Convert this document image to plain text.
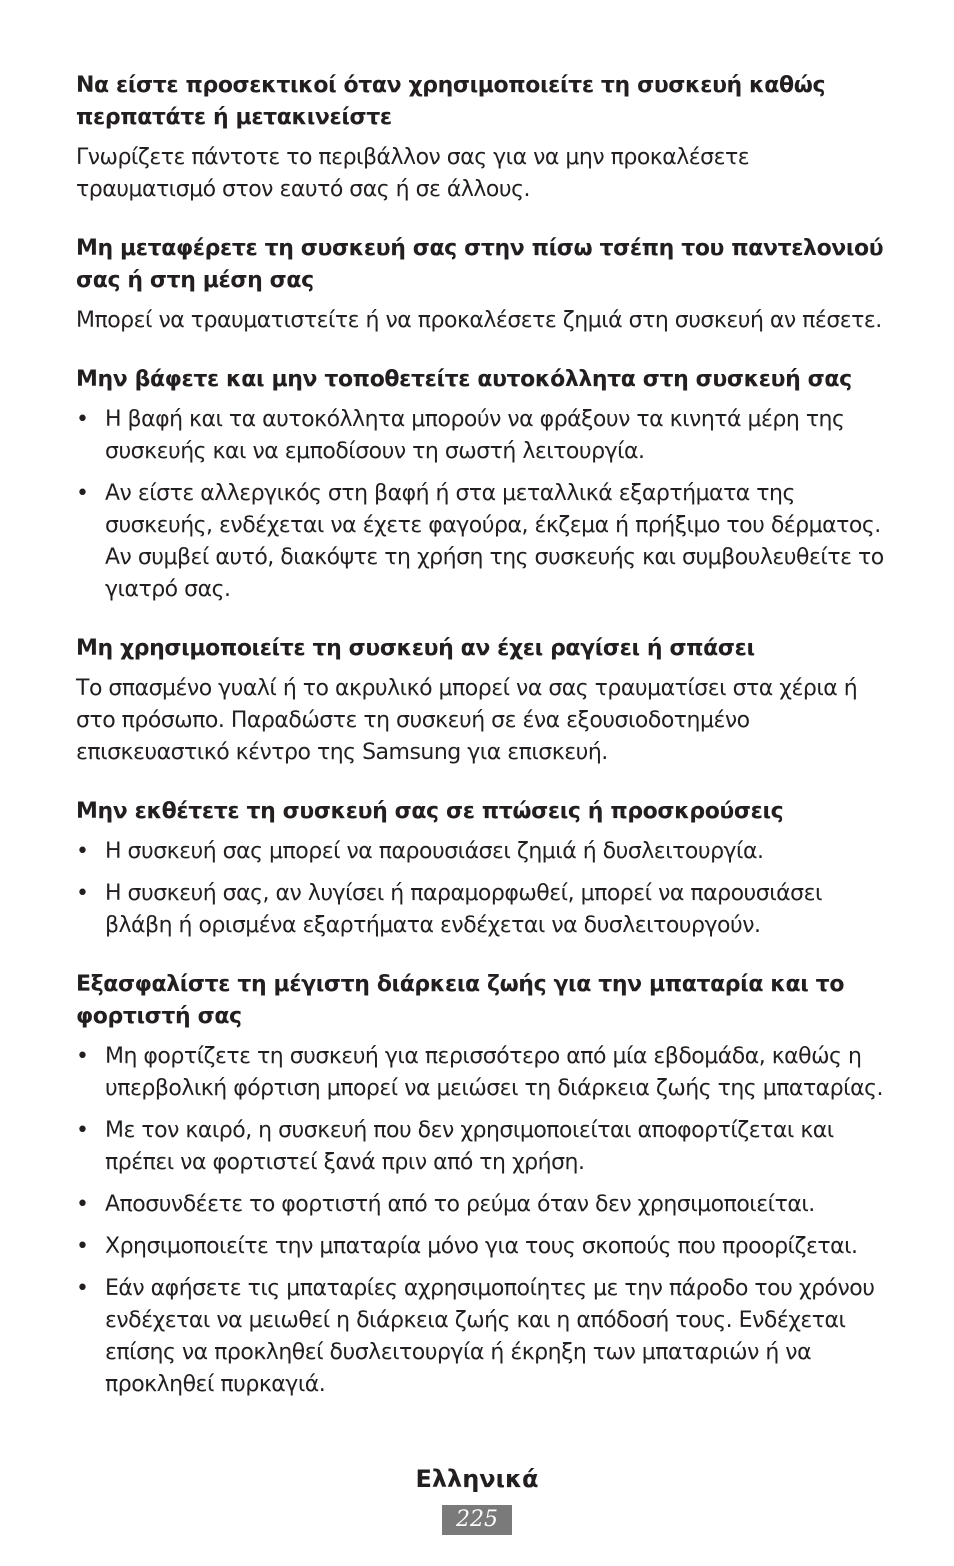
Να είστε προσεκτικοί όταν χρησιμοποιείτε τη συσκευή καθώς περπατάτε ή μετακινείστε

Γνωρίζετε πάντοτε το περιβάλλον σας για να μην προκαλέσετε τραυματισμό στον εαυτό σας ή σε άλλους.

Μη μεταφέρετε τη συσκευή σας στην πίσω τσέπη του παντελονιού σας ή στη μέση σας

Μπορεί να τραυματιστείτε ή να προκαλέσετε ζημιά στη συσκευή αν πέσετε.

Μην βάφετε και μην τοποθετείτε αυτοκόλλητα στη συσκευή σας

• Η βαφή και τα αυτοκόλλητα μπορούν να φράξουν τα κινητά μέρη της συσκευής και να εμποδίσουν τη σωστή λειτουργία.
• Αν είστε αλλεργικός στη βαφή ή στα μεταλλικά εξαρτήματα της συσκευής, ενδέχεται να έχετε φαγούρα, έκζεμα ή πρήξιμο του δέρματος. Αν συμβεί αυτό, διακόψτε τη χρήση της συσκευής και συμβουλευθείτε το γιατρό σας.

Μη χρησιμοποιείτε τη συσκευή αν έχει ραγίσει ή σπάσει

Το σπασμένο γυαλί ή το ακρυλικό μπορεί να σας τραυματίσει στα χέρια ή στο πρόσωπο. Παραδώστε τη συσκευή σε ένα εξουσιοδοτημένο επισκευαστικό κέντρο της Samsung για επισκευή.

Μην εκθέτετε τη συσκευή σας σε πτώσεις ή προσκρούσεις

• Η συσκευή σας μπορεί να παρουσιάσει ζημιά ή δυσλειτουργία.
• Η συσκευή σας, αν λυγίσει ή παραμορφωθεί, μπορεί να παρουσιάσει βλάβη ή ορισμένα εξαρτήματα ενδέχεται να δυσλειτουργούν.

Εξασφαλίστε τη μέγιστη διάρκεια ζωής για την μπαταρία και το φορτιστή σας

• Μη φορτίζετε τη συσκευή για περισσότερο από μία εβδομάδα, καθώς η υπερβολική φόρτιση μπορεί να μειώσει τη διάρκεια ζωής της μπαταρίας.
• Με τον καιρό, η συσκευή που δεν χρησιμοποιείται αποφορτίζεται και πρέπει να φορτιστεί ξανά πριν από τη χρήση.
• Αποσυνδέετε το φορτιστή από το ρεύμα όταν δεν χρησιμοποιείται.
• Χρησιμοποιείτε την μπαταρία μόνο για τους σκοπούς που προορίζεται.
• Εάν αφήσετε τις μπαταρίες αχρησιμοποίητες με την πάροδο του χρόνου ενδέχεται να μειωθεί η διάρκεια ζωής και η απόδοσή τους. Ενδέχεται επίσης να προκληθεί δυσλειτουργία ή έκρηξη των μπαταριών ή να προκληθεί πυρκαγιά.
Ελληνικά
225
